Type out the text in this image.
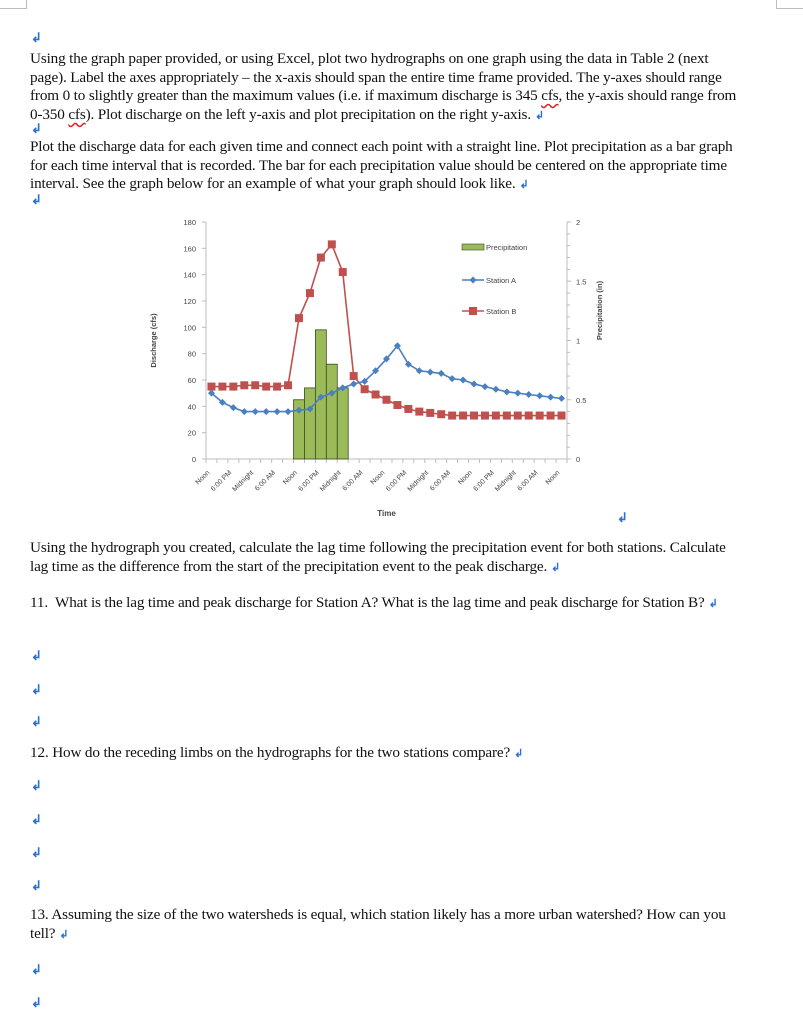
↲
Using the graph paper provided, or using Excel, plot two hydrographs on one graph using the data in Table 2 (next page). Label the axes appropriately – the x-axis should span the entire time frame provided. The y-axes should range from 0 to slightly greater than the maximum values (i.e. if maximum discharge is 345 cfs, the y-axis should range from 0-350 cfs). Plot discharge on the left y-axis and plot precipitation on the right y-axis. ↲
↲
Plot the discharge data for each given time and connect each point with a straight line. Plot precipitation as a bar graph for each time interval that is recorded. The bar for each precipitation value should be centered on the appropriate time interval. See the graph below for an example of what your graph should look like. ↲
↲
0
20
40
60
80
100
120
140
160
180
0
0.5
1
1.5
2
Noon
6:00 PM
Midnight
6:00 AM Noon
6:00 PM
Midnight
6:00 AM Noon
6:00 PM
Midnight
6:00 AM Noon
6:00 PM
Midnight
6:00 AM Noon
Time
Discharge (cfs)
Precipitation (in)
Precipitation
Station A
Station B
↲
Using the hydrograph you created, calculate the lag time following the precipitation event for both stations. Calculate lag time as the difference from the start of the precipitation event to the peak discharge. ↲
11. What is the lag time and peak discharge for Station A? What is the lag time and peak discharge for Station B? ↲
↲
↲
↲
12. How do the receding limbs on the hydrographs for the two stations compare? ↲
↲
↲
↲
↲
13. Assuming the size of the two watersheds is equal, which station likely has a more urban watershed? How can you tell? ↲
↲
↲
